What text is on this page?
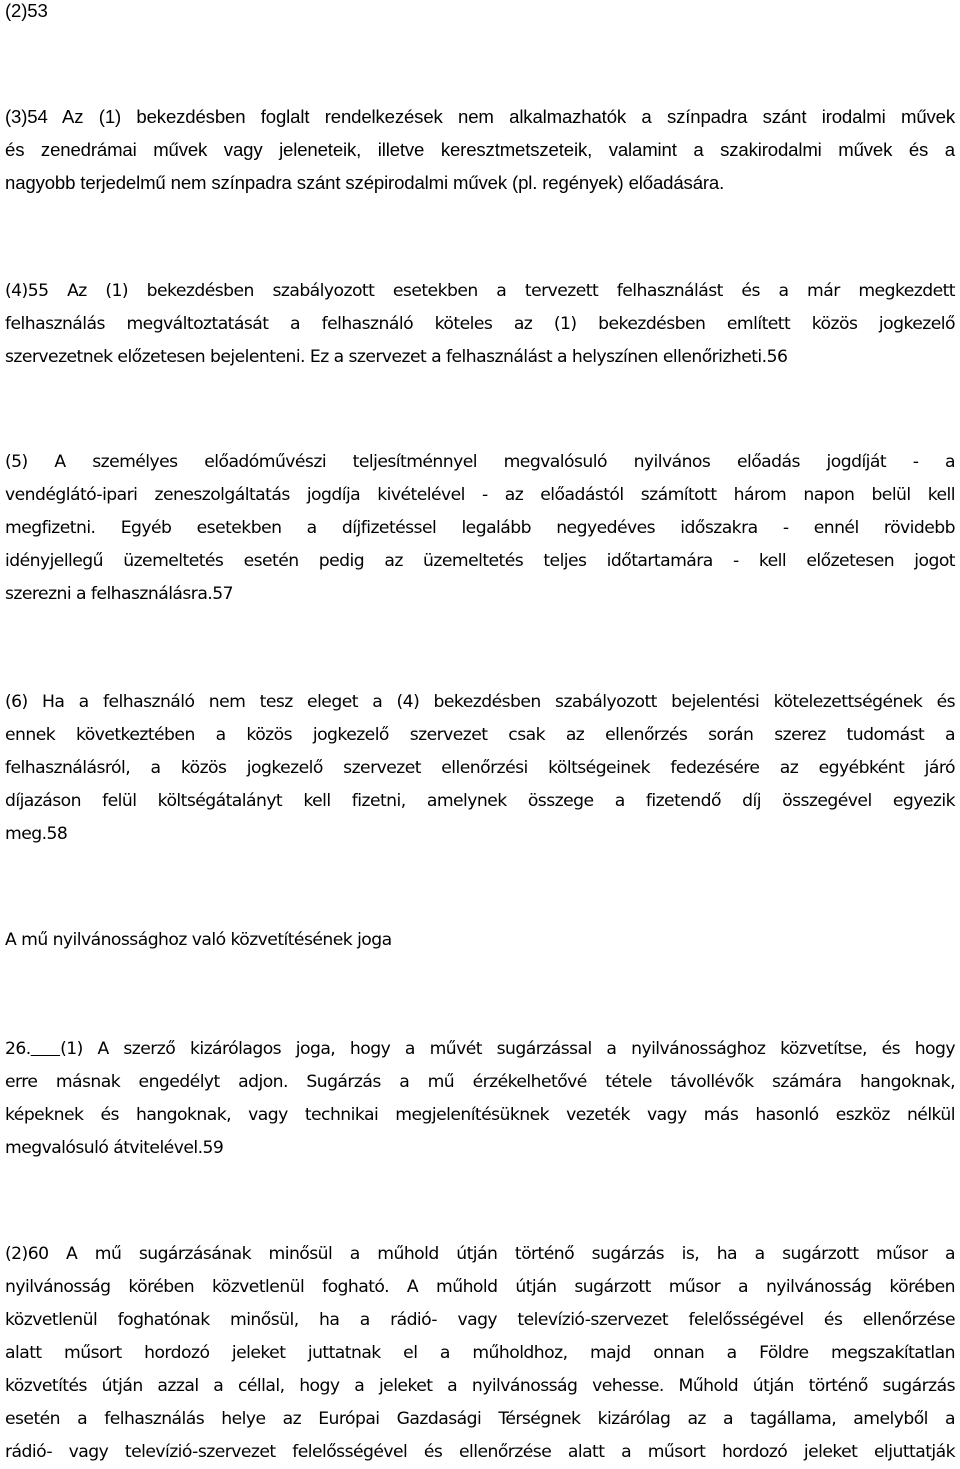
(2)53
(3)54 Az (1) bekezdésben foglalt rendelkezések nem alkalmazhatók a színpadra szánt irodalmi művek
és zenedrámai művek vagy jeleneteik, illetve keresztmetszeteik, valamint a szakirodalmi művek és a
nagyobb terjedelmű nem színpadra szánt szépirodalmi művek (pl. regények) előadására.
(4)55 Az (1) bekezdésben szabályozott esetekben a tervezett felhasználást és a már megkezdett
felhasználás megváltoztatását a felhasználó köteles az (1) bekezdésben említett közös jogkezelő
szervezetnek előzetesen bejelenteni. Ez a szervezet a felhasználást a helyszínen ellenőrizheti.56
(5) A személyes előadóművészi teljesítménnyel megvalósuló nyilvános előadás jogdíját - a
vendéglátó-ipari zeneszolgáltatás jogdíja kivételével - az előadástól számított három napon belül kell
megfizetni. Egyéb esetekben a díjfizetéssel legalább negyedéves időszakra - ennél rövidebb
idényjellegű üzemeltetés esetén pedig az üzemeltetés teljes időtartamára - kell előzetesen jogot
szerezni a felhasználásra.57
(6) Ha a felhasználó nem tesz eleget a (4) bekezdésben szabályozott bejelentési kötelezettségének és
ennek következtében a közös jogkezelő szervezet csak az ellenőrzés során szerez tudomást a
felhasználásról, a közös jogkezelő szervezet ellenőrzési költségeinek fedezésére az egyébként járó
díjazáson felül költségátalányt kell fizetni, amelynek összege a fizetendő díj összegével egyezik
meg.58
A mű nyilvánossághoz való közvetítésének joga
26. (1) A szerző kizárólagos joga, hogy a művét sugárzással a nyilvánossághoz közvetítse, és hogy
erre másnak engedélyt adjon. Sugárzás a mű érzékelhetővé tétele távollévők számára hangoknak,
képeknek és hangoknak, vagy technikai megjelenítésüknek vezeték vagy más hasonló eszköz nélkül
megvalósuló átvitelével.59
(2)60 A mű sugárzásának minősül a műhold útján történő sugárzás is, ha a sugárzott műsor a
nyilvánosság körében közvetlenül fogható. A műhold útján sugárzott műsor a nyilvánosság körében
közvetlenül foghatónak minősül, ha a rádió- vagy televízió-szervezet felelősségével és ellenőrzése
alatt műsort hordozó jeleket juttatnak el a műholdhoz, majd onnan a Földre megszakítatlan
közvetítés útján azzal a céllal, hogy a jeleket a nyilvánosság vehesse. Műhold útján történő sugárzás
esetén a felhasználás helye az Európai Gazdasági Térségnek kizárólag az a tagállama, amelyből a
rádió- vagy televízió-szervezet felelősségével és ellenőrzése alatt a műsort hordozó jeleket eljuttatják
